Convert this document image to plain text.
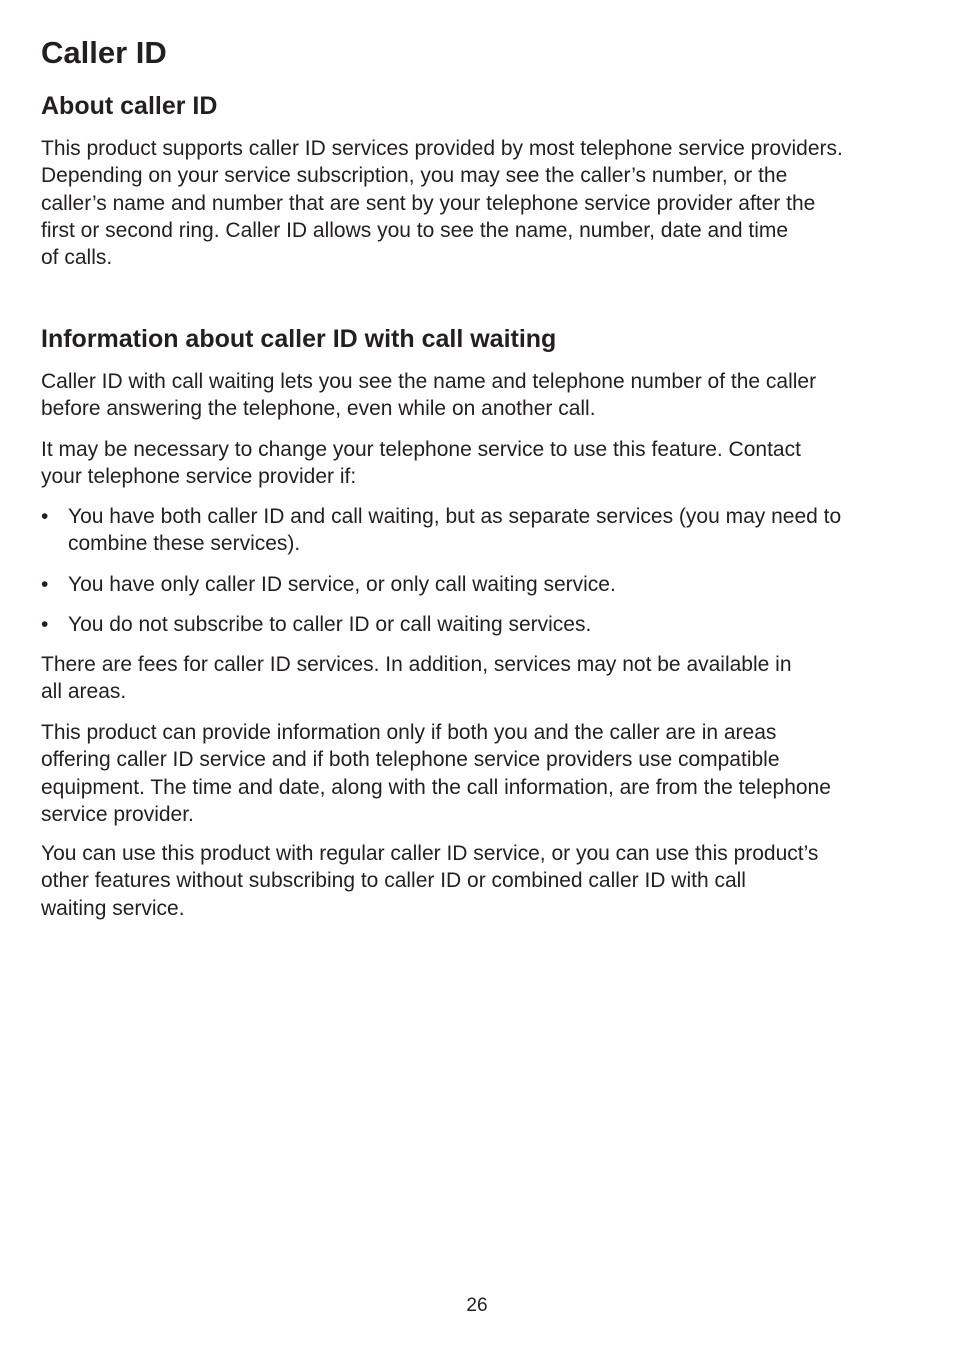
Caller ID
About caller ID

This product supports caller ID services provided by most telephone service providers.
Depending on your service subscription, you may see the caller’s number, or the
caller’s name and number that are sent by your telephone service provider after the
first or second ring. Caller ID allows you to see the name, number, date and time
of calls.

Information about caller ID with call waiting

Caller ID with call waiting lets you see the name and telephone number of the caller
before answering the telephone, even while on another call.

It may be necessary to change your telephone service to use this feature. Contact
your telephone service provider if:

• You have both caller ID and call waiting, but as separate services (you may need to
combine these services).
• You have only caller ID service, or only call waiting service.
• You do not subscribe to caller ID or call waiting services.

There are fees for caller ID services. In addition, services may not be available in
all areas.

This product can provide information only if both you and the caller are in areas
offering caller ID service and if both telephone service providers use compatible
equipment. The time and date, along with the call information, are from the telephone
service provider.

You can use this product with regular caller ID service, or you can use this product’s
other features without subscribing to caller ID or combined caller ID with call
waiting service.

26
